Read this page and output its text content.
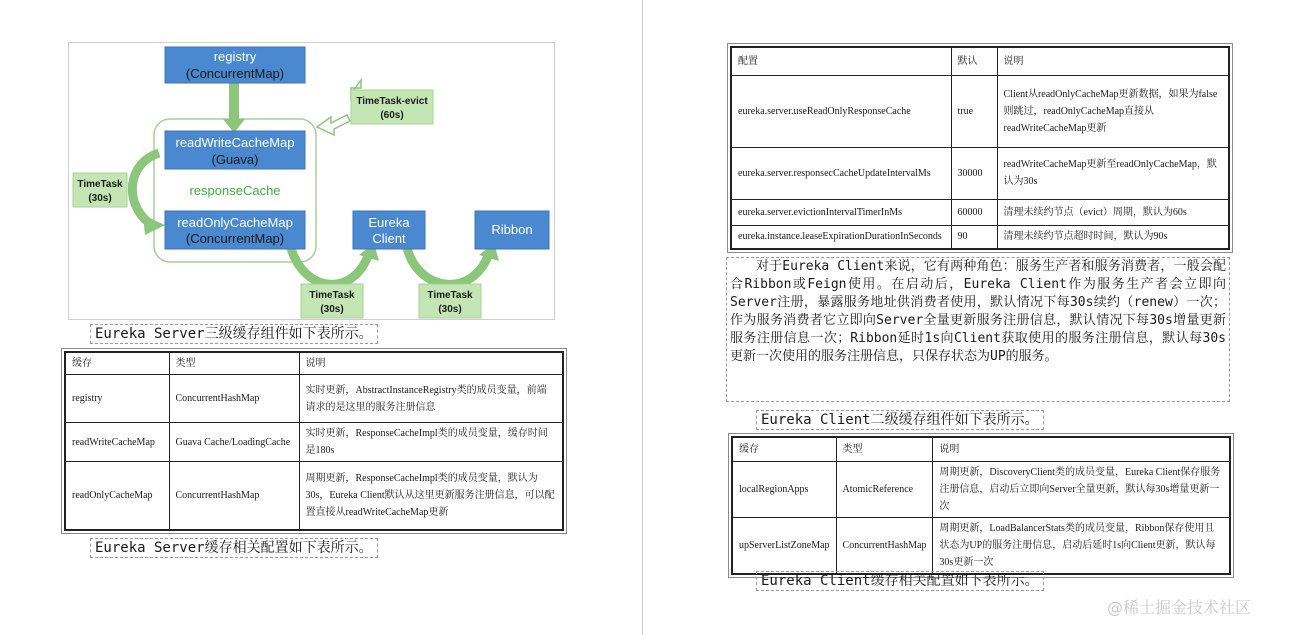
registry
(ConcurrentMap)
readWriteCacheMap
(Guava)
responseCache
readOnlyCacheMap
(ConcurrentMap)
Eureka
Client
Ribbon
TimeTask-evict
(60s)
TimeTask
(30s)
TimeTask
(30s)
TimeTask
(30s)
Eureka Server三级缓存组件如下表所示。
缓存	类型	说明
registry	ConcurrentHashMap	实时更新，AbstractInstanceRegistry类的成员变量，前端请求的是这里的服务注册信息
readWriteCacheMap	Guava Cache/LoadingCache	实时更新，ResponseCacheImpl类的成员变量，缓存时间是180s
readOnlyCacheMap	ConcurrentHashMap	周期更新，ResponseCacheImpl类的成员变量，默认为30s，Eureka Client默认从这里更新服务注册信息，可以配置直接从readWriteCacheMap更新
Eureka Server缓存相关配置如下表所示。
配置	默认	说明
eureka.server.useReadOnlyResponseCache	true	Client从readOnlyCacheMap更新数据，如果为false则跳过，readOnlyCacheMap直接从readWriteCacheMap更新
eureka.server.responsecCacheUpdateIntervalMs	30000	readWriteCacheMap更新至readOnlyCacheMap，默认为30s
eureka.server.evictionIntervalTimerInMs	60000	清理未续约节点（evict）周期，默认为60s
eureka.instance.leaseExpirationDurationInSeconds	90	清理未续约节点超时时间，默认为90s
对于Eureka Client来说，它有两种角色：服务生产者和服务消费者，一般会配合Ribbon或Feign使用。在启动后，Eureka Client作为服务生产者会立即向Server注册，暴露服务地址供消费者使用，默认情况下每30s续约（renew）一次；作为服务消费者它立即向Server全量更新服务注册信息，默认情况下每30s增量更新服务注册信息一次；Ribbon延时1s向Client获取使用的服务注册信息，默认每30s更新一次使用的服务注册信息，只保存状态为UP的服务。
Eureka Client二级缓存组件如下表所示。
缓存	类型	说明
localRegionApps	AtomicReference	周期更新，DiscoveryClient类的成员变量，Eureka Client保存服务注册信息，启动后立即向Server全量更新，默认每30s增量更新一次
upServerListZoneMap	ConcurrentHashMap	周期更新，LoadBalancerStats类的成员变量，Ribbon保存使用且状态为UP的服务注册信息，启动后延时1s向Client更新，默认每30s更新一次
Eureka Client缓存相关配置如下表所示。
@稀土掘金技术社区
